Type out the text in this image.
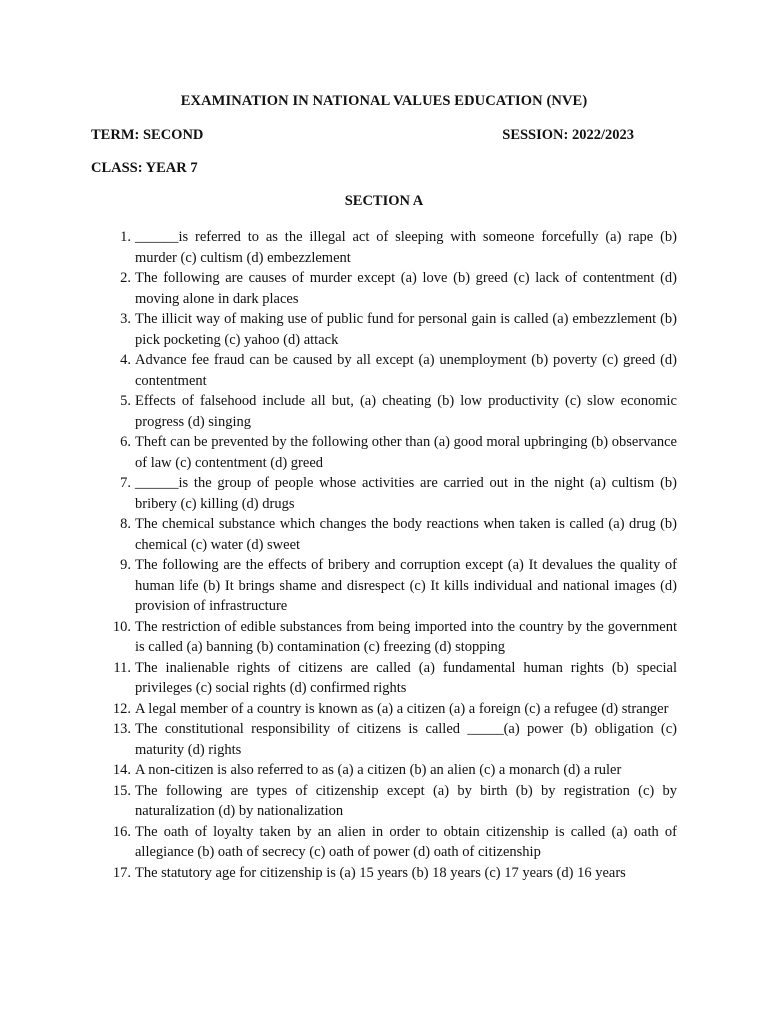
EXAMINATION IN NATIONAL VALUES EDUCATION (NVE)
TERM: SECOND	SESSION: 2022/2023
CLASS: YEAR 7
SECTION A
1. ______is referred to as the illegal act of sleeping with someone forcefully (a) rape (b) murder (c) cultism (d) embezzlement
2. The following are causes of murder except (a) love (b) greed (c) lack of contentment (d) moving alone in dark places
3. The illicit way of making use of public fund for personal gain is called (a) embezzlement (b) pick pocketing (c) yahoo (d) attack
4. Advance fee fraud can be caused by all except (a) unemployment (b) poverty (c) greed (d) contentment
5. Effects of falsehood include all but, (a) cheating (b) low productivity (c) slow economic progress (d) singing
6. Theft can be prevented by the following other than (a) good moral upbringing (b) observance of law (c) contentment (d) greed
7. ______is the group of people whose activities are carried out in the night (a) cultism (b) bribery (c) killing (d) drugs
8. The chemical substance which changes the body reactions when taken is called (a) drug (b) chemical (c) water (d) sweet
9. The following are the effects of bribery and corruption except (a) It devalues the quality of human life (b) It brings shame and disrespect (c) It kills individual and national images (d) provision of infrastructure
10. The restriction of edible substances from being imported into the country by the government is called (a) banning (b) contamination (c) freezing (d) stopping
11. The inalienable rights of citizens are called (a) fundamental human rights (b) special privileges (c) social rights (d) confirmed rights
12. A legal member of a country is known as (a) a citizen (a) a foreign (c) a refugee (d) stranger
13. The constitutional responsibility of citizens is called _____(a) power (b) obligation (c) maturity (d) rights
14. A non-citizen is also referred to as (a) a citizen (b) an alien (c) a monarch (d) a ruler
15. The following are types of citizenship except (a) by birth (b) by registration (c) by naturalization (d) by nationalization
16. The oath of loyalty taken by an alien in order to obtain citizenship is called (a) oath of allegiance (b) oath of secrecy (c) oath of power (d) oath of citizenship
17. The statutory age for citizenship is (a) 15 years (b) 18 years (c) 17 years (d) 16 years
